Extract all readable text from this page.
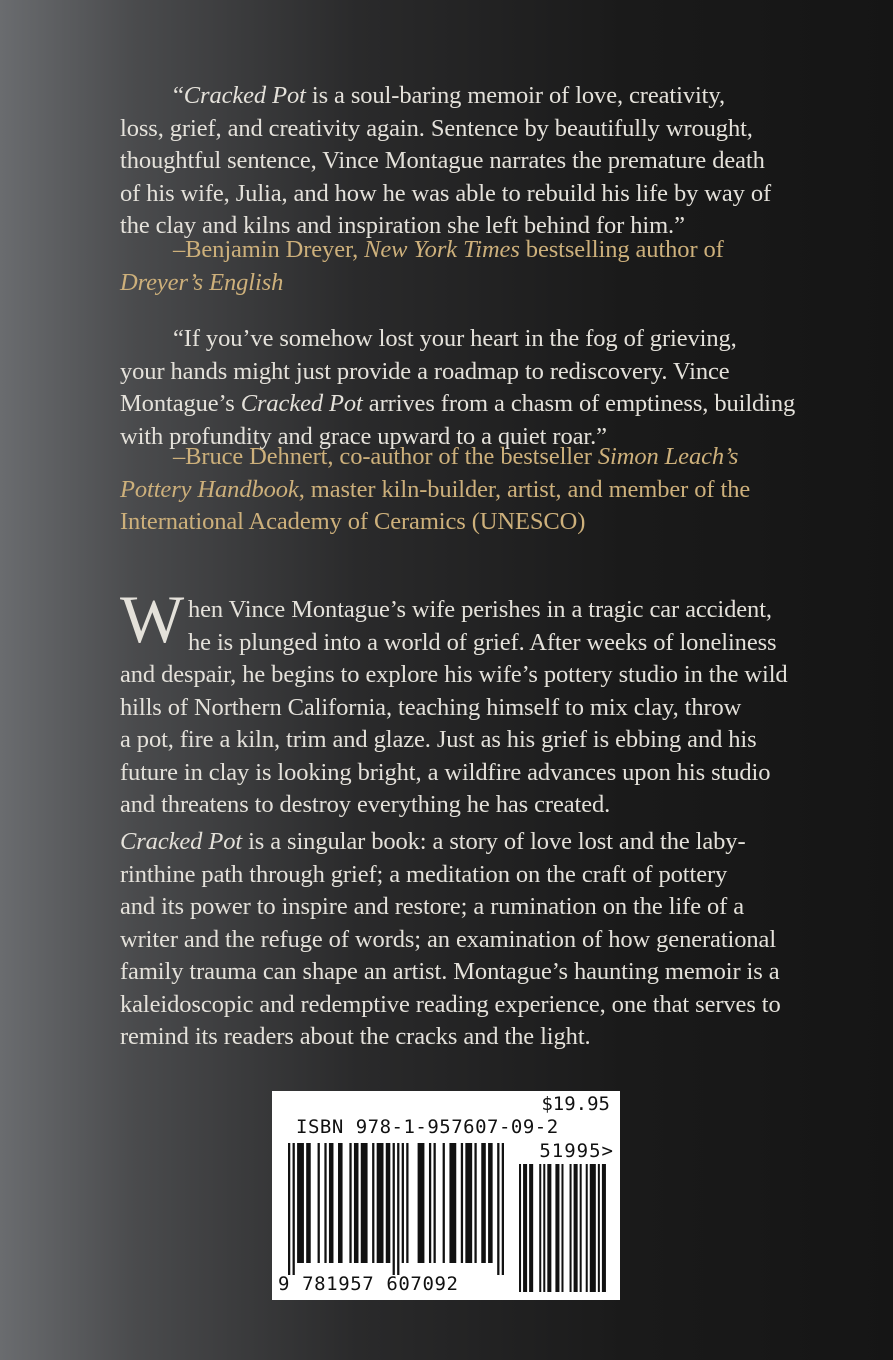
“Cracked Pot is a soul-baring memoir of love, creativity,
loss, grief, and creativity again. Sentence by beautifully wrought,
thoughtful sentence, Vince Montague narrates the premature death
of his wife, Julia, and how he was able to rebuild his life by way of
the clay and kilns and inspiration she left behind for him.”
–Benjamin Dreyer, New York Times bestselling author of
Dreyer’s English
“If you’ve somehow lost your heart in the fog of grieving,
your hands might just provide a roadmap to rediscovery. Vince
Montague’s Cracked Pot arrives from a chasm of emptiness, building
with profundity and grace upward to a quiet roar.”
–Bruce Dehnert, co-author of the bestseller Simon Leach’s
Pottery Handbook, master kiln-builder, artist, and member of the
International Academy of Ceramics (UNESCO)
W hen Vince Montague’s wife perishes in a tragic car accident,
he is plunged into a world of grief. After weeks of loneliness
and despair, he begins to explore his wife’s pottery studio in the wild
hills of Northern California, teaching himself to mix clay, throw
a pot, fire a kiln, trim and glaze. Just as his grief is ebbing and his
future in clay is looking bright, a wildfire advances upon his studio
and threatens to destroy everything he has created.
Cracked Pot is a singular book: a story of love lost and the laby-
rinthine path through grief; a meditation on the craft of pottery
and its power to inspire and restore; a rumination on the life of a
writer and the refuge of words; an examination of how generational
family trauma can shape an artist. Montague’s haunting memoir is a
kaleidoscopic and redemptive reading experience, one that serves to
remind its readers about the cracks and the light.
$19.95
ISBN 978-1-957607-09-2
51995>
9 781957 607092
